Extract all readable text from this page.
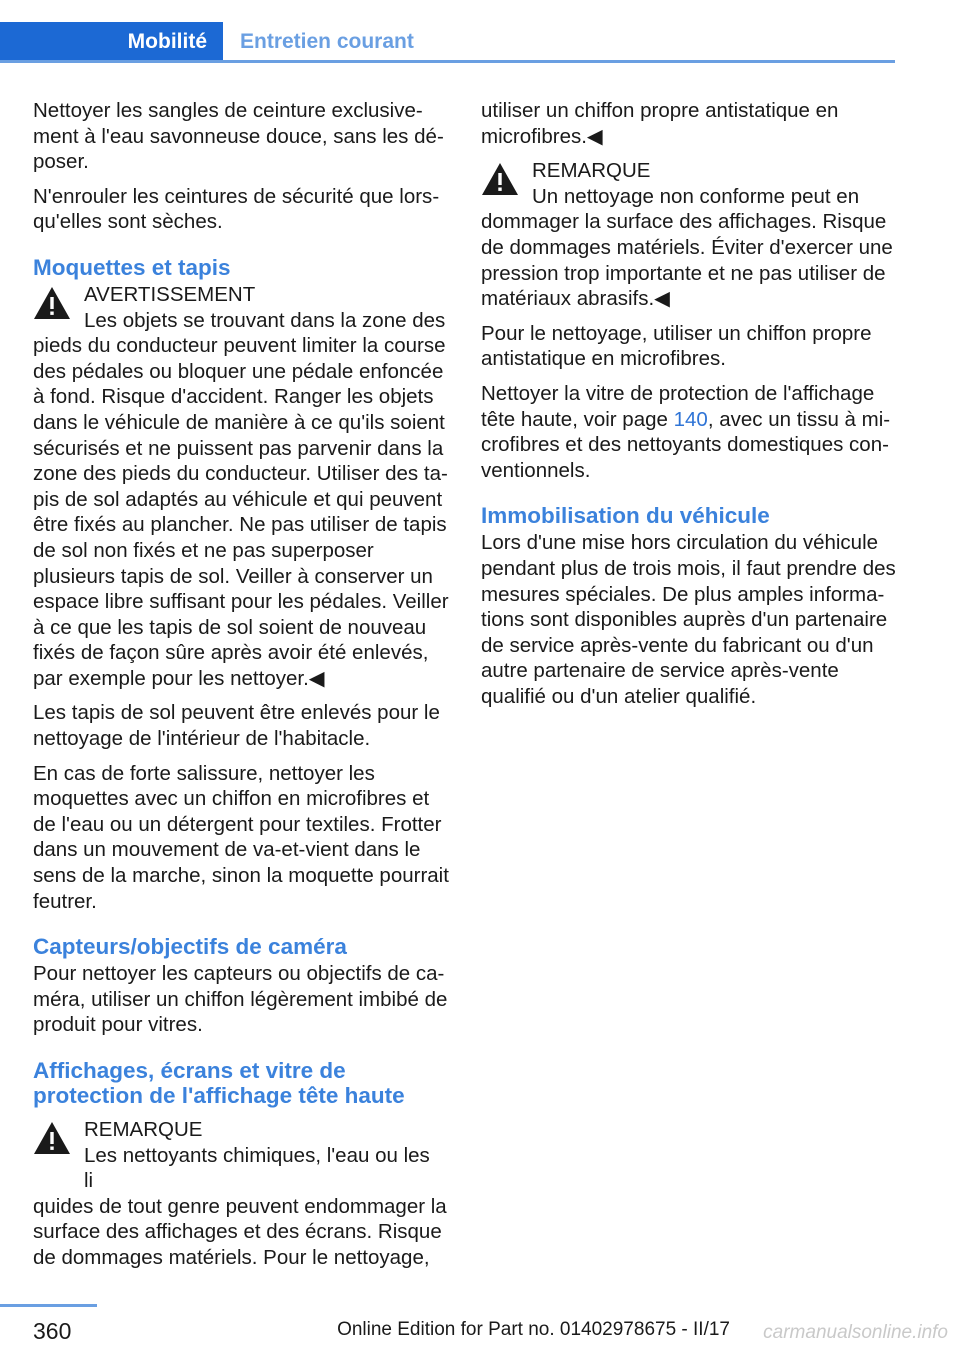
Mobilité	Entretien courant

Nettoyer les sangles de ceinture exclusivement à l'eau savonneuse douce, sans les déposer.

N'enrouler les ceintures de sécurité que lorsqu'elles sont sèches.

Moquettes et tapis
AVERTISSEMENT
Les objets se trouvant dans la zone des
pieds du conducteur peuvent limiter la course des pédales ou bloquer une pédale enfoncée à fond. Risque d'accident. Ranger les objets dans le véhicule de manière à ce qu'ils soient sécurisés et ne puissent pas parvenir dans la zone des pieds du conducteur. Utiliser des tapis de sol adaptés au véhicule et qui peuvent être fixés au plancher. Ne pas utiliser de tapis de sol non fixés et ne pas superposer plusieurs tapis de sol. Veiller à conserver un espace libre suffisant pour les pédales. Veiller à ce que les tapis de sol soient de nouveau fixés de façon sûre après avoir été enlevés, par exemple pour les nettoyer.◀

Les tapis de sol peuvent être enlevés pour le nettoyage de l'intérieur de l'habitacle.

En cas de forte salissure, nettoyer les moquettes avec un chiffon en microfibres et de l'eau ou un détergent pour textiles. Frotter dans un mouvement de va-et-vient dans le sens de la marche, sinon la moquette pourrait feutrer.

Capteurs/objectifs de caméra

Pour nettoyer les capteurs ou objectifs de caméra, utiliser un chiffon légèrement imbibé de produit pour vitres.

Affichages, écrans et vitre de protection de l'affichage tête haute
REMARQUE
Les nettoyants chimiques, l'eau ou les li
quides de tout genre peuvent endommager la surface des affichages et des écrans. Risque de dommages matériels. Pour le nettoyage,

utiliser un chiffon propre antistatique en microfibres.◀

REMARQUE
Un nettoyage non conforme peut en
dommager la surface des affichages. Risque de dommages matériels. Éviter d'exercer une pression trop importante et ne pas utiliser de matériaux abrasifs.◀

Pour le nettoyage, utiliser un chiffon propre antistatique en microfibres.

Nettoyer la vitre de protection de l'affichage tête haute, voir page 140, avec un tissu à microfibres et des nettoyants domestiques conventionnels.

Immobilisation du véhicule

Lors d'une mise hors circulation du véhicule pendant plus de trois mois, il faut prendre des mesures spéciales. De plus amples informations sont disponibles auprès d'un partenaire de service après-vente du fabricant ou d'un autre partenaire de service après-vente qualifié ou d'un atelier qualifié.

360	Online Edition for Part no. 01402978675 - II/17 carmanualsonline.info
